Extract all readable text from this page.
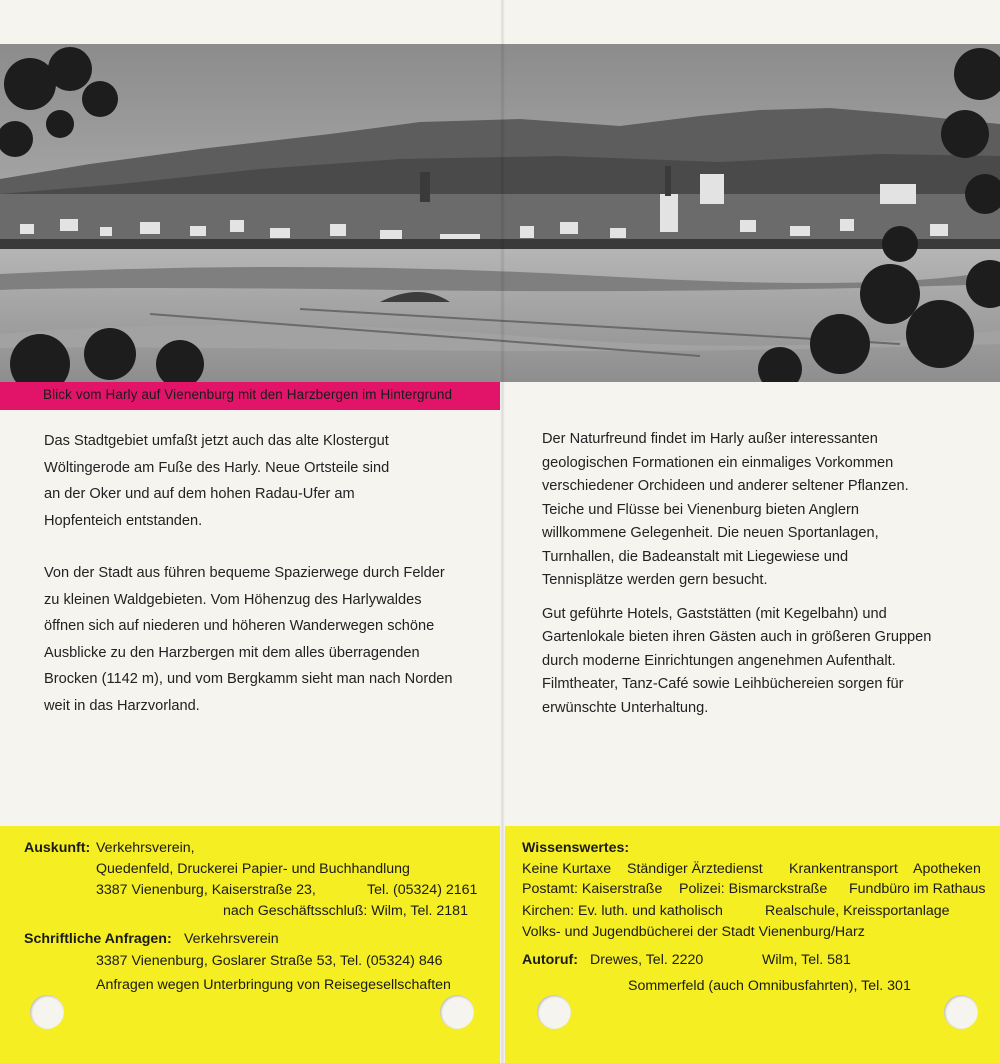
Blick vom Harly auf Vienenburg mit den Harzbergen im Hintergrund

Das Stadtgebiet umfaßt jetzt auch das alte Klostergut

Wöltingerode am Fuße des Harly. Neue Ortsteile sind

an der Oker und auf dem hohen Radau-Ufer am

Hopfenteich entstanden.

Von der Stadt aus führen bequeme Spazierwege durch Felder

zu kleinen Waldgebieten. Vom Höhenzug des Harlywaldes

öffnen sich auf niederen und höheren Wanderwegen schöne

Ausblicke zu den Harzbergen mit dem alles überragenden

Brocken (1142 m), und vom Bergkamm sieht man nach Norden

weit in das Harzvorland.

Der Naturfreund findet im Harly außer interessanten

geologischen Formationen ein einmaliges Vorkommen

verschiedener Orchideen und anderer seltener Pflanzen.

Teiche und Flüsse bei Vienenburg bieten Anglern

willkommene Gelegenheit. Die neuen Sportanlagen,

Turnhallen, die Badeanstalt mit Liegewiese und

Tennisplätze werden gern besucht.

Gut geführte Hotels, Gaststätten (mit Kegelbahn) und

Gartenlokale bieten ihren Gästen auch in größeren Gruppen

durch moderne Einrichtungen angenehmen Aufenthalt.

Filmtheater, Tanz-Café sowie Leihbüchereien sorgen für

erwünschte Unterhaltung.

Auskunft: Verkehrsverein,
Quedenfeld, Druckerei Papier- und Buchhandlung
3387 Vienenburg, Kaiserstraße 23,	Tel. (05324) 2161
nach Geschäftsschluß: Wilm, Tel. 2181
Schriftliche Anfragen: Verkehrsverein
3387 Vienenburg, Goslarer Straße 53, Tel. (05324) 846
Anfragen wegen Unterbringung von Reisegesellschaften
Wissenswertes:
Keine Kurtaxe Ständiger Ärztedienst Krankentransport Apotheken
Postamt: Kaiserstraße Polizei: Bismarckstraße Fundbüro im Rathaus
Kirchen: Ev. luth. und katholisch	Realschule, Kreissportanlage
Volks- und Jugendbücherei der Stadt Vienenburg/Harz
Autoruf: Drewes, Tel. 2220	Wilm, Tel. 581
Sommerfeld (auch Omnibusfahrten), Tel. 301
